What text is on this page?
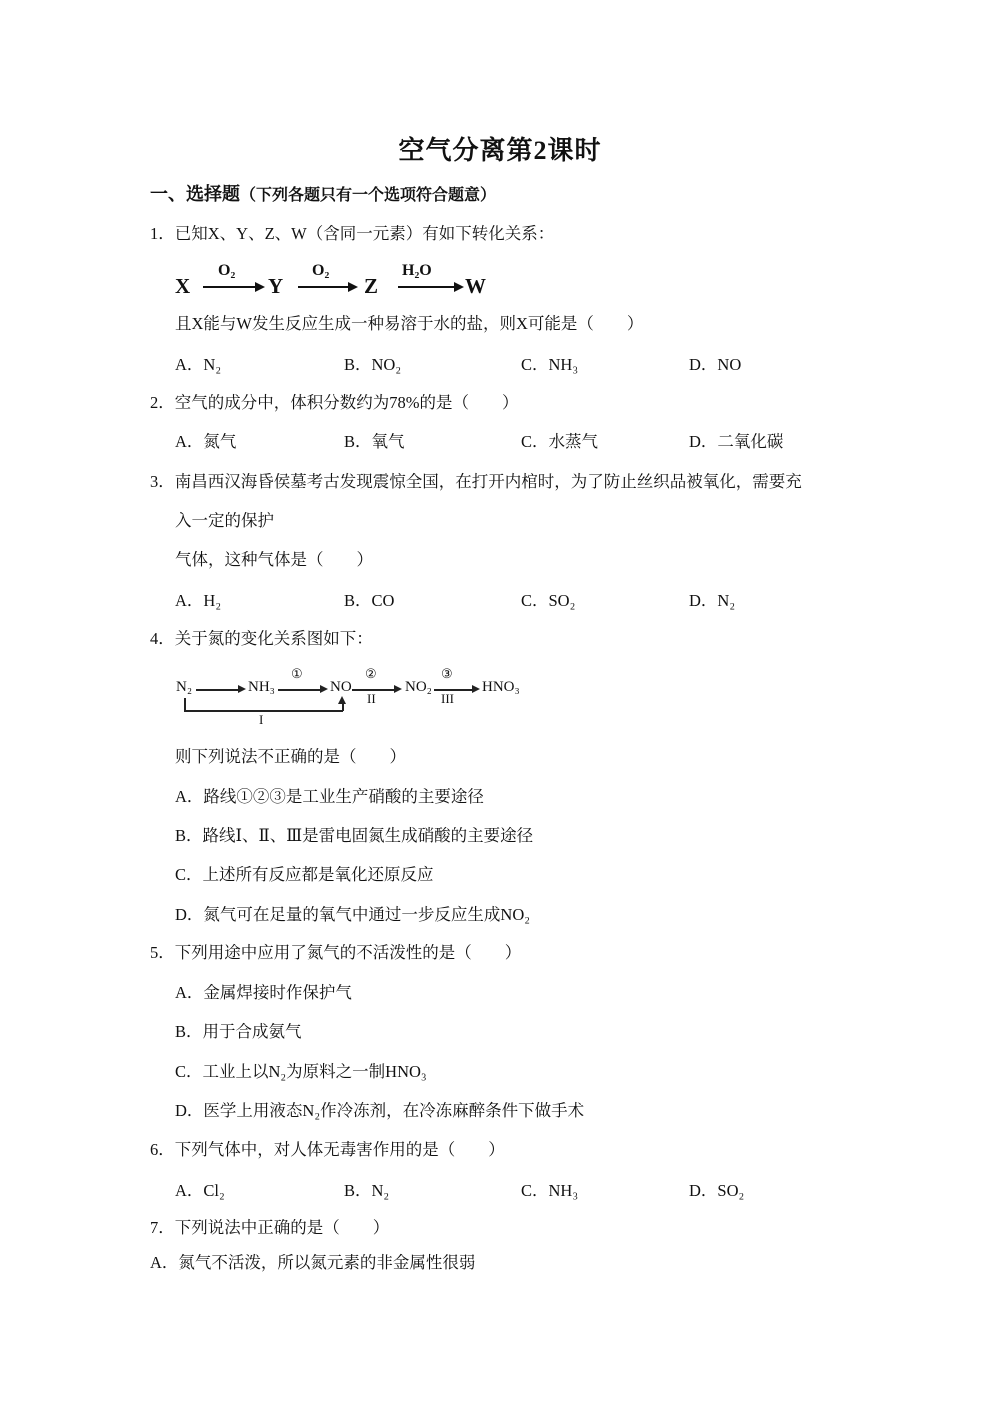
空气分离第2课时
一、选择题（下列各题只有一个选项符合题意）
1．已知X、Y、Z、W（含同一元素）有如下转化关系：
X
O₂
Y
O₂
Z
H₂O
W
且X能与W发生反应生成一种易溶于水的盐，则X可能是（　　）
A．N₂	B．NO₂	C．NH₃	D．NO
2．空气的成分中，体积分数约为78%的是（　　）
A．氮气	B．氧气	C．水蒸气	D．二氧化碳
3．南昌西汉海昏侯墓考古发现震惊全国，在打开内棺时，为了防止丝织品被氧化，需要充
入一定的保护
气体，这种气体是（　　）
A．H₂	B．CO	C．SO₂	D．N₂
4．关于氮的变化关系图如下：
N₂	NH₃
①
NO
②
II
NO₂
③
III
HNO₃
I
则下列说法不正确的是（　　）
A．路线①②③是工业生产硝酸的主要途径
B．路线Ⅰ、Ⅱ、Ⅲ是雷电固氮生成硝酸的主要途径
C．上述所有反应都是氧化还原反应
D．氮气可在足量的氧气中通过一步反应生成NO₂
5．下列用途中应用了氮气的不活泼性的是（　　）
A．金属焊接时作保护气
B．用于合成氨气
C．工业上以N₂为原料之一制HNO₃
D．医学上用液态N₂作冷冻剂，在冷冻麻醉条件下做手术
6．下列气体中，对人体无毒害作用的是（　　）
A．Cl₂	B．N₂	C．NH₃	D．SO₂
7．下列说法中正确的是（　　）
A．氮气不活泼，所以氮元素的非金属性很弱
